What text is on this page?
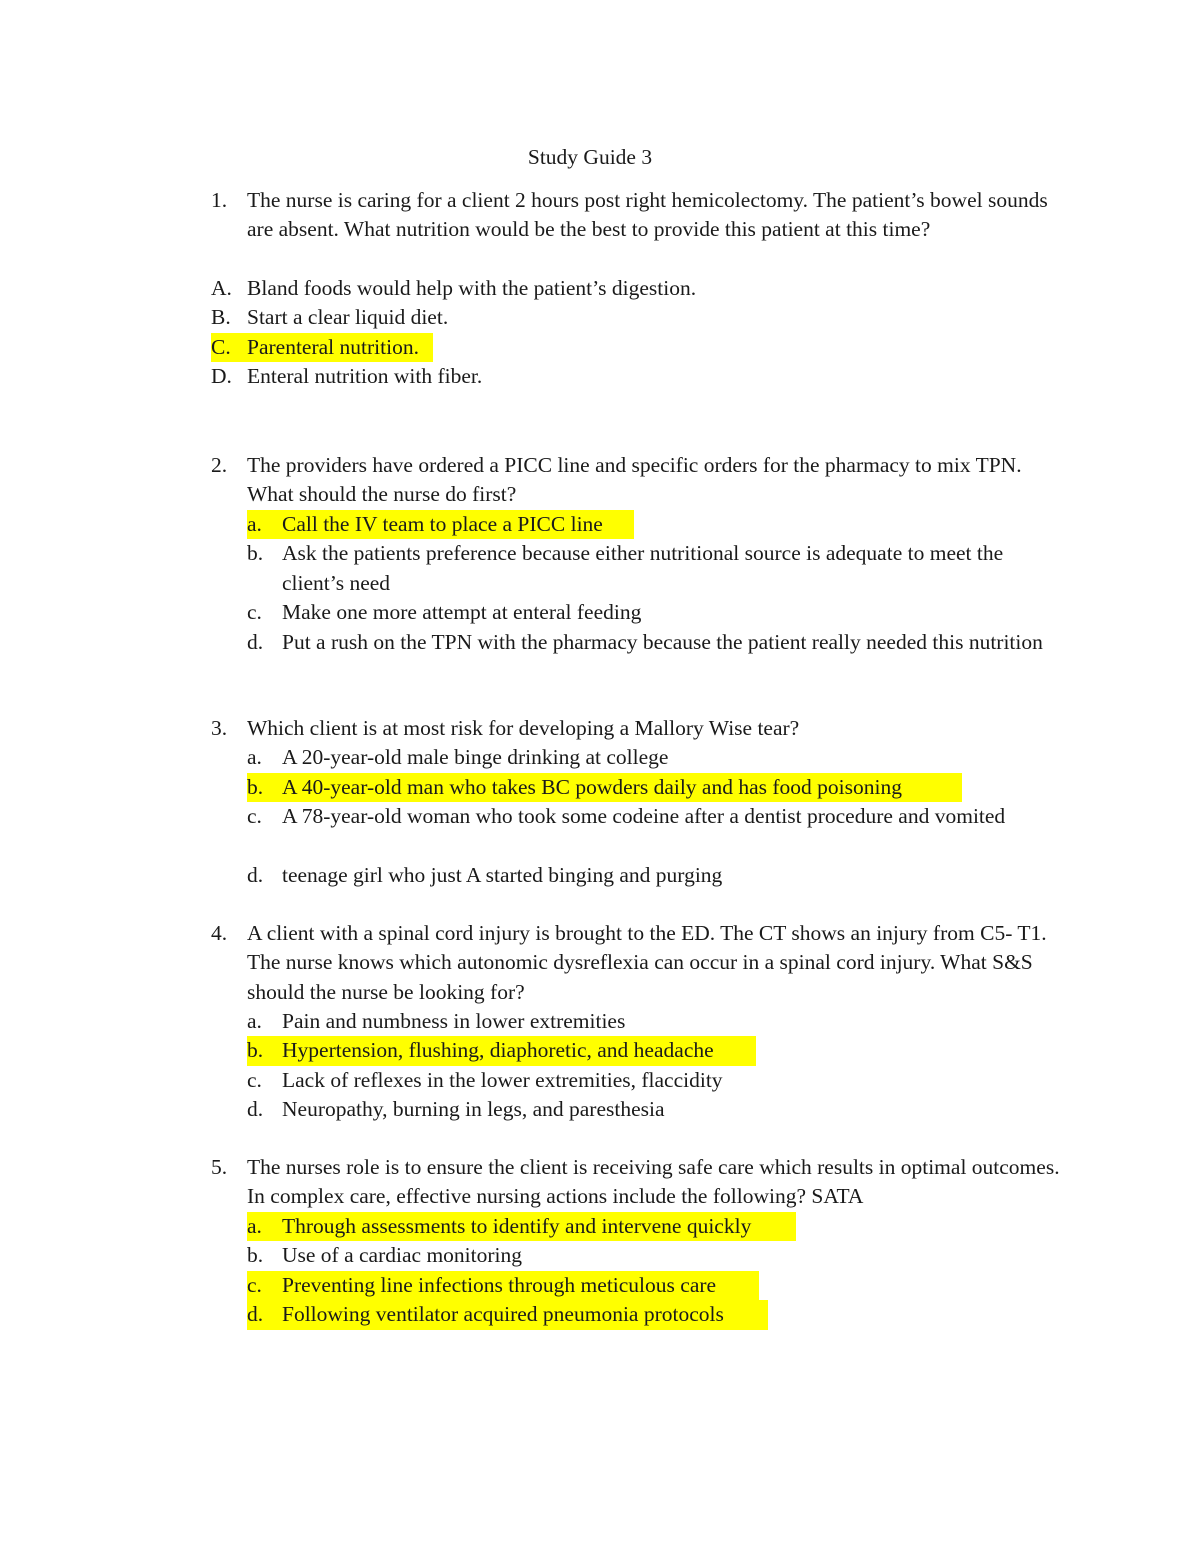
Study Guide 3
1. The nurse is caring for a client 2 hours post right hemicolectomy. The patient’s bowel sounds are absent. What nutrition would be the best to provide this patient at this time?
A. Bland foods would help with the patient’s digestion.
B. Start a clear liquid diet.
C. Parenteral nutrition.
D. Enteral nutrition with fiber.
2. The providers have ordered a PICC line and specific orders for the pharmacy to mix TPN. What should the nurse do first?
a. Call the IV team to place a PICC line
b. Ask the patients preference because either nutritional source is adequate to meet the client’s need
c. Make one more attempt at enteral feeding
d. Put a rush on the TPN with the pharmacy because the patient really needed this nutrition
3. Which client is at most risk for developing a Mallory Wise tear?
a. A 20-year-old male binge drinking at college
b. A 40-year-old man who takes BC powders daily and has food poisoning
c. A 78-year-old woman who took some codeine after a dentist procedure and vomited
d. teenage girl who just A started binging and purging
4. A client with a spinal cord injury is brought to the ED. The CT shows an injury from C5- T1. The nurse knows which autonomic dysreflexia can occur in a spinal cord injury. What S&S should the nurse be looking for?
a. Pain and numbness in lower extremities
b. Hypertension, flushing, diaphoretic, and headache
c. Lack of reflexes in the lower extremities, flaccidity
d. Neuropathy, burning in legs, and paresthesia
5. The nurses role is to ensure the client is receiving safe care which results in optimal outcomes. In complex care, effective nursing actions include the following? SATA
a. Through assessments to identify and intervene quickly
b. Use of a cardiac monitoring
c. Preventing line infections through meticulous care
d. Following ventilator acquired pneumonia protocols
